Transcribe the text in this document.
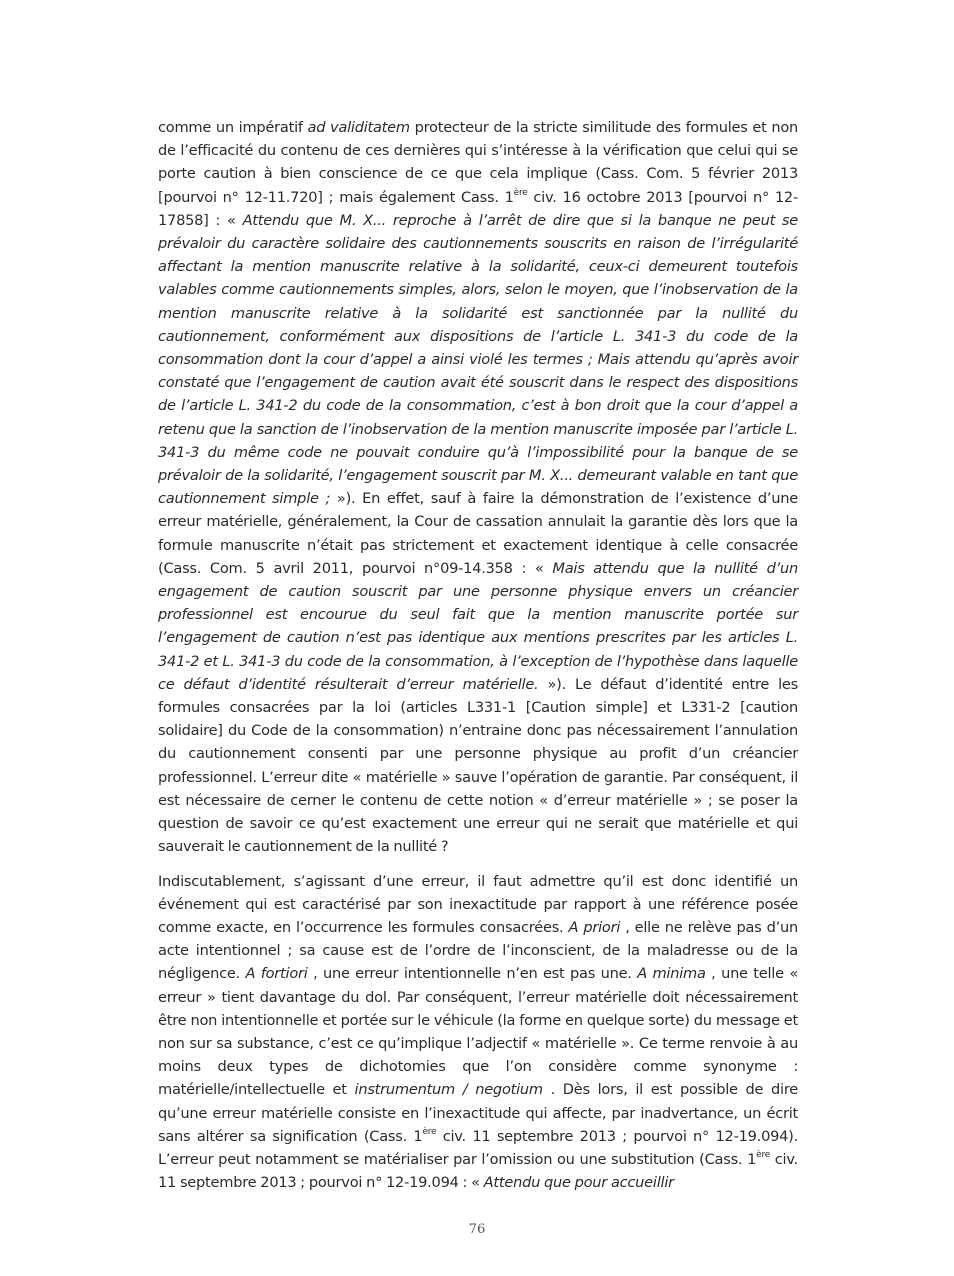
comme un impératif ad validitatem protecteur de la stricte similitude des formules et non de l’efficacité du contenu de ces dernières qui s’intéresse à la vérification que celui qui se porte caution à bien conscience de ce que cela implique (Cass. Com. 5 février 2013 [pourvoi n° 12-11.720] ; mais également Cass. 1ère civ. 16 octobre 2013 [pourvoi n° 12-17858] : « Attendu que M. X... reproche à l’arrêt de dire que si la banque ne peut se prévaloir du caractère solidaire des cautionnements souscrits en raison de l’irrégularité affectant la mention manuscrite relative à la solidarité, ceux-ci demeurent toutefois valables comme cautionnements simples, alors, selon le moyen, que l’inobservation de la mention manuscrite relative à la solidarité est sanctionnée par la nullité du cautionnement, conformément aux dispositions de l’article L. 341-3 du code de la consommation dont la cour d’appel a ainsi violé les termes ; Mais attendu qu’après avoir constaté que l’engagement de caution avait été souscrit dans le respect des dispositions de l’article L. 341-2 du code de la consommation, c’est à bon droit que la cour d’appel a retenu que la sanction de l’inobservation de la mention manuscrite imposée par l’article L. 341-3 du même code ne pouvait conduire qu’à l’impossibilité pour la banque de se prévaloir de la solidarité, l’engagement souscrit par M. X... demeurant valable en tant que cautionnement simple ; »). En effet, sauf à faire la démonstration de l’existence d’une erreur matérielle, généralement, la Cour de cassation annulait la garantie dès lors que la formule manuscrite n’était pas strictement et exactement identique à celle consacrée (Cass. Com. 5 avril 2011, pourvoi n°09-14.358 : « Mais attendu que la nullité d’un engagement de caution souscrit par une personne physique envers un créancier professionnel est encourue du seul fait que la mention manuscrite portée sur l’engagement de caution n’est pas identique aux mentions prescrites par les articles L. 341-2 et L. 341-3 du code de la consommation, à l’exception de l’hypothèse dans laquelle ce défaut d’identité résulterait d’erreur matérielle. »). Le défaut d’identité entre les formules consacrées par la loi (articles L331-1 [Caution simple] et L331-2 [caution solidaire] du Code de la consommation) n’entraine donc pas nécessairement l’annulation du cautionnement consenti par une personne physique au profit d’un créancier professionnel. L’erreur dite « matérielle » sauve l’opération de garantie. Par conséquent, il est nécessaire de cerner le contenu de cette notion « d’erreur matérielle » ; se poser la question de savoir ce qu’est exactement une erreur qui ne serait que matérielle et qui sauverait le cautionnement de la nullité ?

Indiscutablement, s’agissant d’une erreur, il faut admettre qu’il est donc identifié un événement qui est caractérisé par son inexactitude par rapport à une référence posée comme exacte, en l’occurrence les formules consacrées. A priori , elle ne relève pas d’un acte intentionnel ; sa cause est de l’ordre de l’inconscient, de la maladresse ou de la négligence. A fortiori , une erreur intentionnelle n’en est pas une. A minima , une telle « erreur » tient davantage du dol. Par conséquent, l’erreur matérielle doit nécessairement être non intentionnelle et portée sur le véhicule (la forme en quelque sorte) du message et non sur sa substance, c’est ce qu’implique l’adjectif « matérielle ». Ce terme renvoie à au moins deux types de dichotomies que l’on considère comme synonyme : matérielle/intellectuelle et instrumentum / negotium . Dès lors, il est possible de dire qu’une erreur matérielle consiste en l’inexactitude qui affecte, par inadvertance, un écrit sans altérer sa signification (Cass. 1ère civ. 11 septembre 2013 ; pourvoi n° 12-19.094). L’erreur peut notamment se matérialiser par l’omission ou une substitution (Cass. 1ère civ. 11 septembre 2013 ; pourvoi n° 12-19.094 : « Attendu que pour accueillir

76
